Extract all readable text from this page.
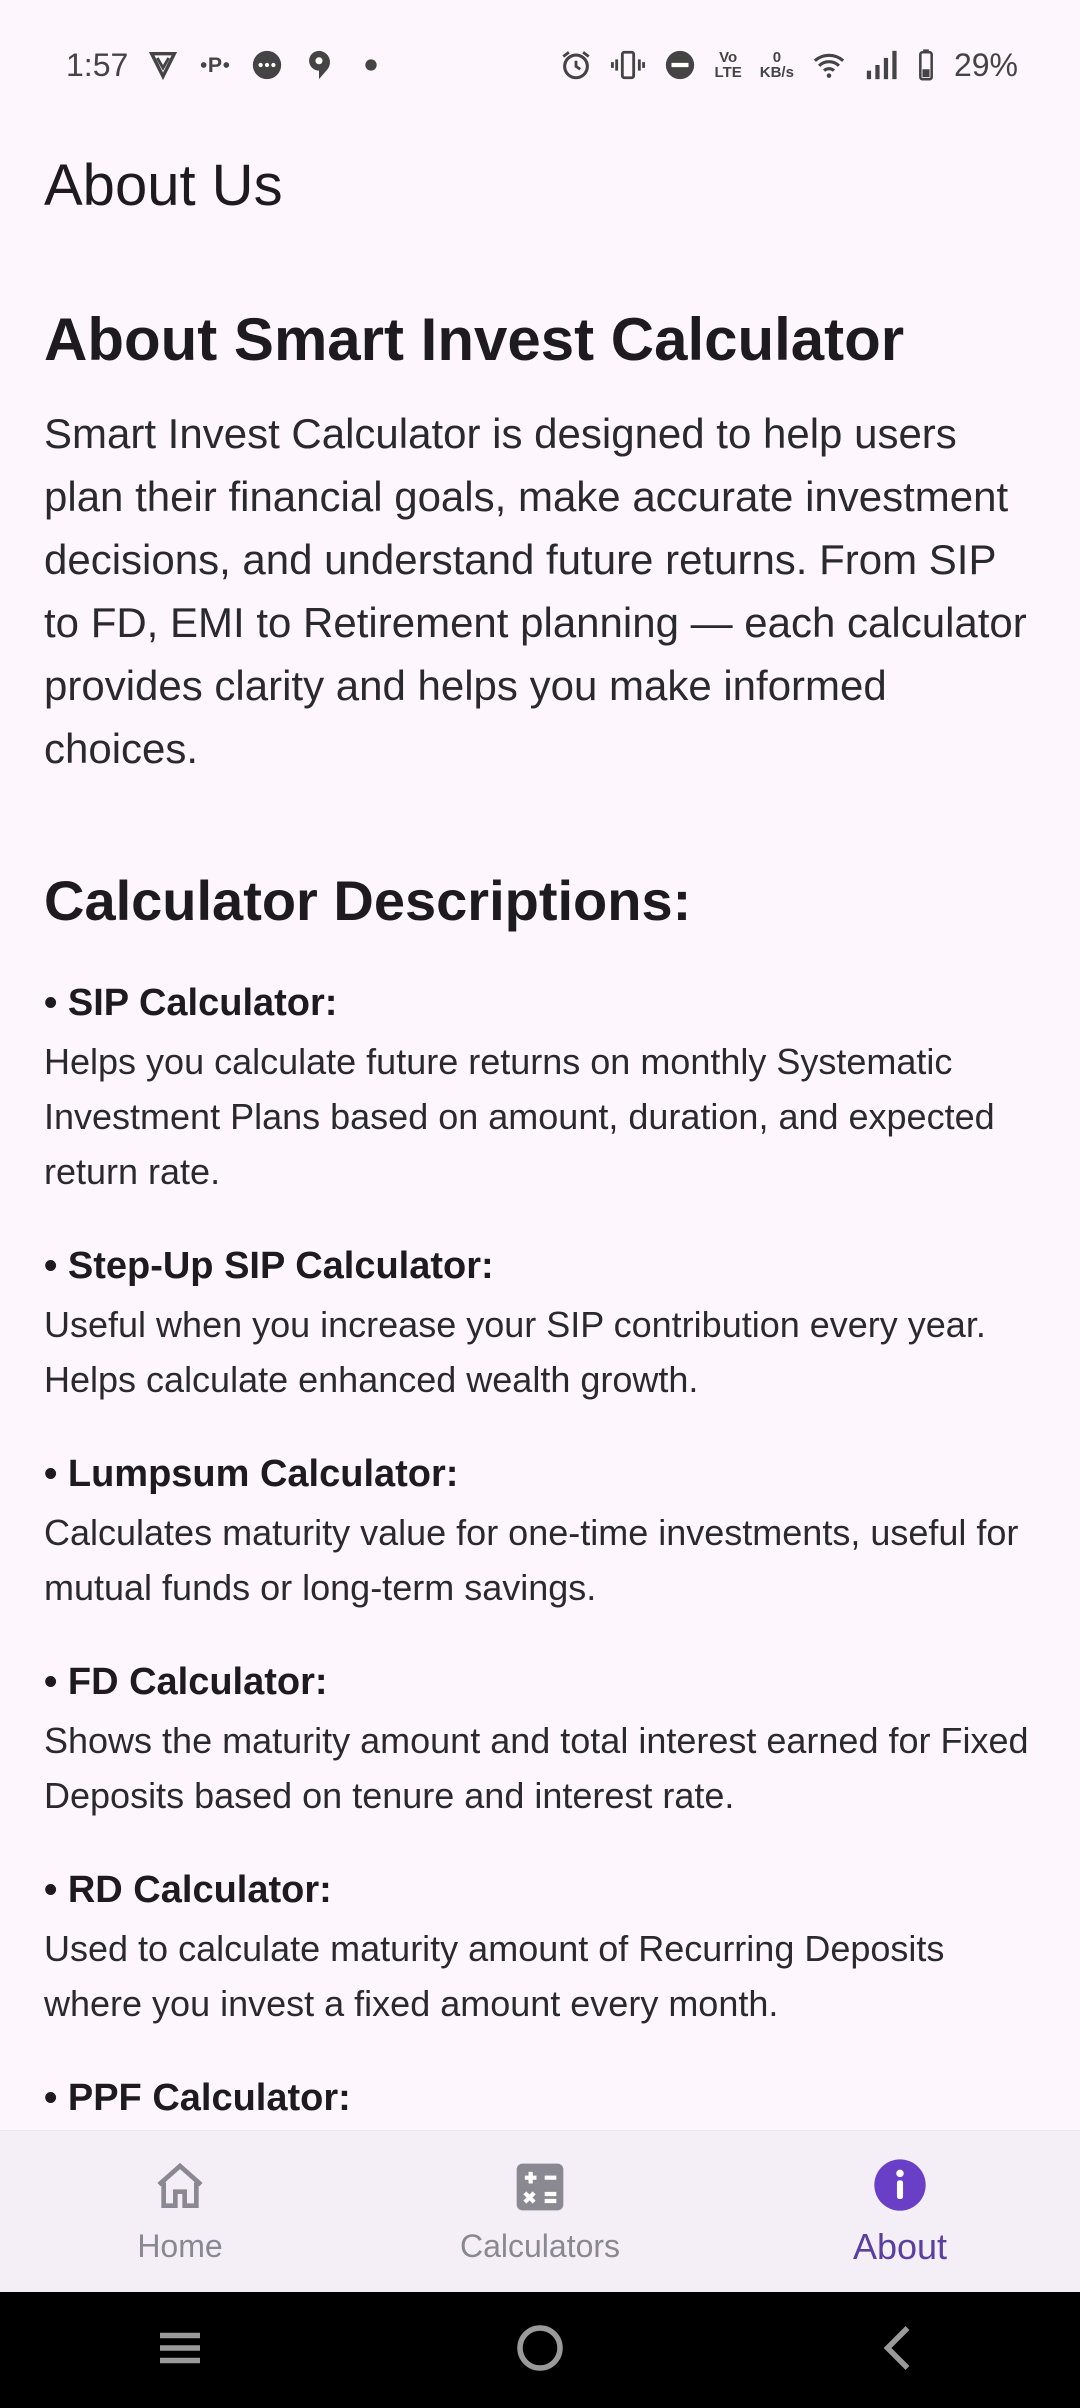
1:57	P	Vo
LTE
0
KB/s	29%
About Us
About Smart Invest Calculator
Smart Invest Calculator is designed to help users plan their financial goals, make accurate investment decisions, and understand future returns. From SIP to FD, EMI to Retirement planning — each calculator provides clarity and helps you make informed choices.
Calculator Descriptions:
• SIP Calculator:
Helps you calculate future returns on monthly Systematic Investment Plans based on amount, duration, and expected return rate.
• Step-Up SIP Calculator:
Useful when you increase your SIP contribution every year. Helps calculate enhanced wealth growth.
• Lumpsum Calculator:
Calculates maturity value for one-time investments, useful for mutual funds or long-term savings.
• FD Calculator:
Shows the maturity amount and total interest earned for Fixed Deposits based on tenure and interest rate.
• RD Calculator:
Used to calculate maturity amount of Recurring Deposits where you invest a fixed amount every month.
• PPF Calculator:
Home	Calculators	About
